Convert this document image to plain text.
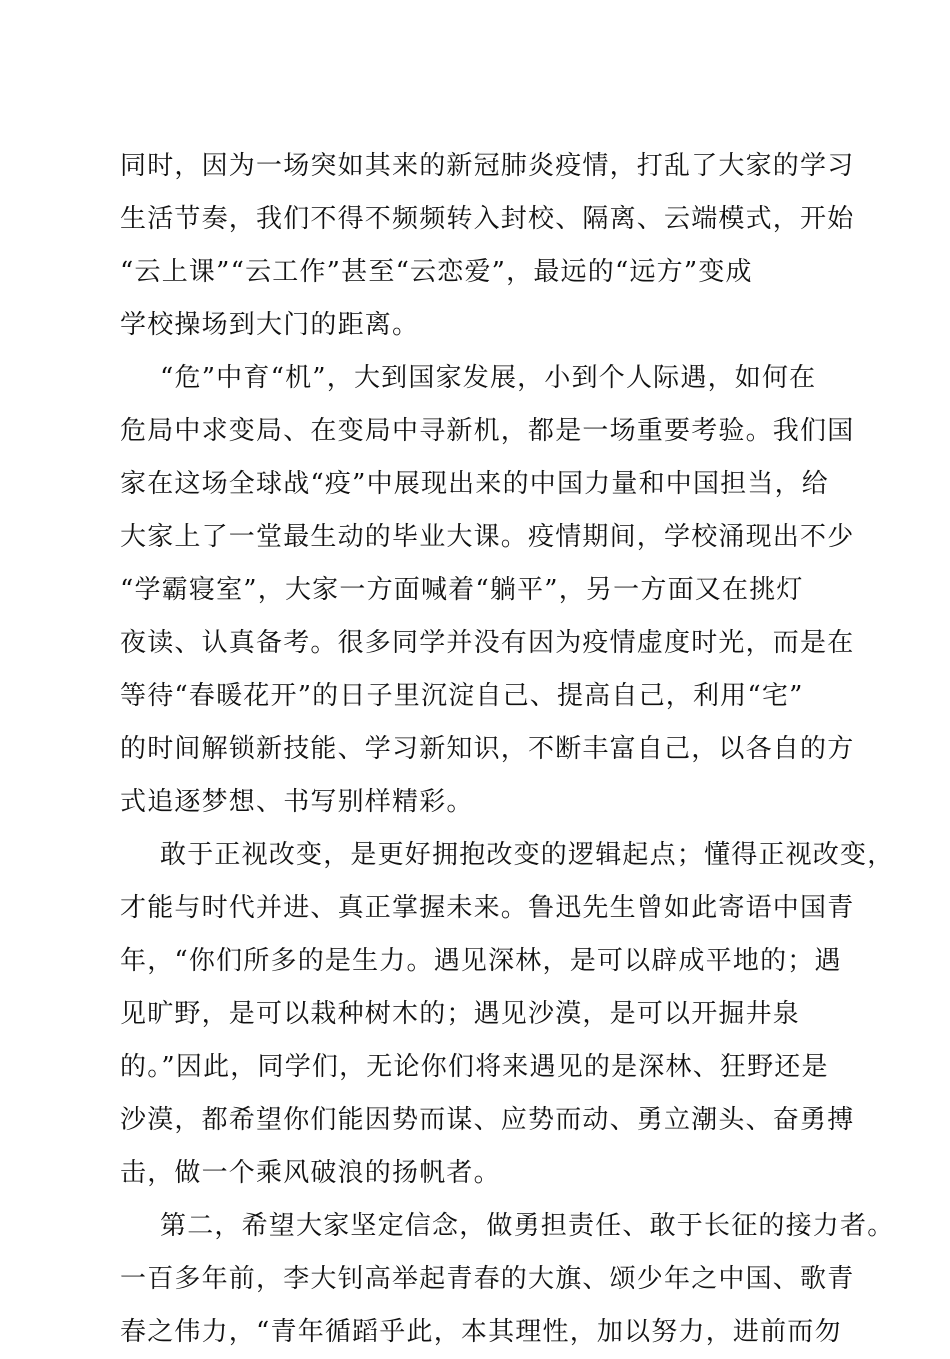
同时，因为一场突如其来的新冠肺炎疫情，打乱了大家的学习
生活节奏，我们不得不频频转入封校、隔离、云端模式，开始
“云上课”“云工作”甚至“云恋爱”，最远的“远方”变成
学校操场到大门的距离。
“危”中育“机”，大到国家发展，小到个人际遇，如何在
危局中求变局、在变局中寻新机，都是一场重要考验。我们国
家在这场全球战“疫”中展现出来的中国力量和中国担当，给
大家上了一堂最生动的毕业大课。疫情期间，学校涌现出不少
“学霸寝室”，大家一方面喊着“躺平”，另一方面又在挑灯
夜读、认真备考。很多同学并没有因为疫情虚度时光，而是在
等待“春暖花开”的日子里沉淀自己、提高自己，利用“宅”
的时间解锁新技能、学习新知识，不断丰富自己，以各自的方
式追逐梦想、书写别样精彩。
敢于正视改变，是更好拥抱改变的逻辑起点；懂得正视改变，
才能与时代并进、真正掌握未来。鲁迅先生曾如此寄语中国青
年，“你们所多的是生力。遇见深林，是可以辟成平地的；遇
见旷野，是可以栽种树木的；遇见沙漠，是可以开掘井泉
的。”因此，同学们，无论你们将来遇见的是深林、狂野还是
沙漠，都希望你们能因势而谋、应势而动、勇立潮头、奋勇搏
击，做一个乘风破浪的扬帆者。
第二，希望大家坚定信念，做勇担责任、敢于长征的接力者。
一百多年前，李大钊高举起青春的大旗、颂少年之中国、歌青
春之伟力，“青年循蹈乎此，本其理性，加以努力，进前而勿
